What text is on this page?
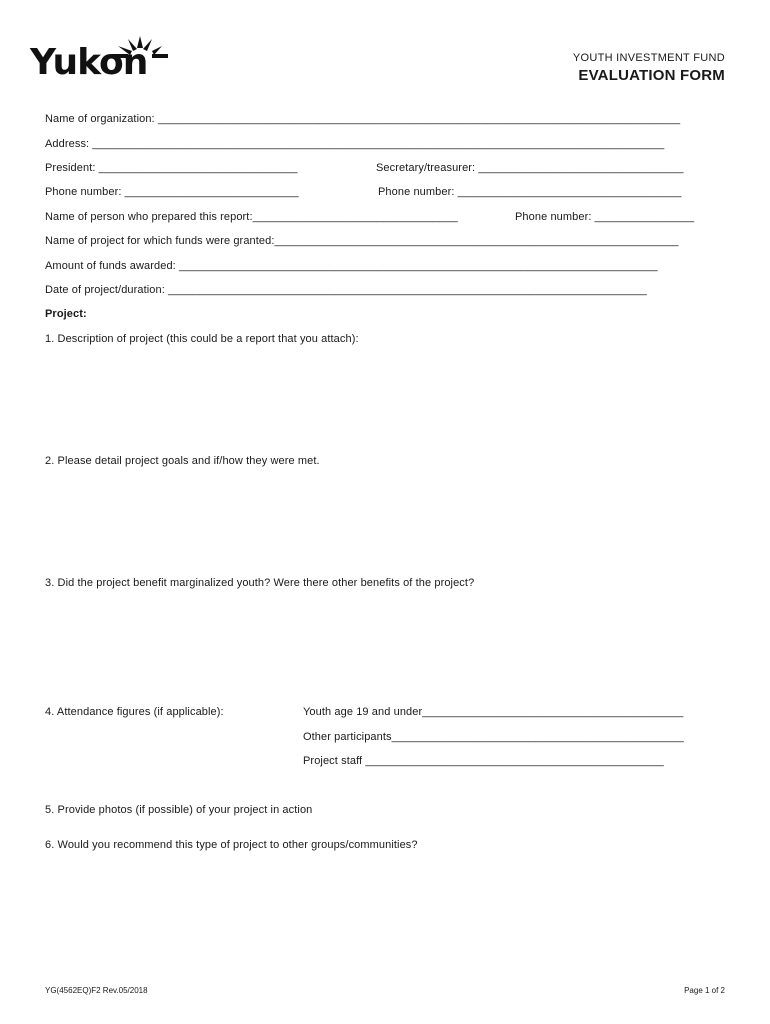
Yukon	YOUTH INVESTMENT FUND
EVALUATION FORM
Name of organization: ____________________________________________________________________________________
Address: ____________________________________________________________________________________________
President: ________________________________	Secretary/treasurer: _________________________________
Phone number: ____________________________	Phone number: ____________________________________
Name of person who prepared this report:_________________________________	Phone number: ________________
Name of project for which funds were granted:_________________________________________________________________
Amount of funds awarded: _____________________________________________________________________________
Date of project/duration: _____________________________________________________________________________
Project:
1. Description of project (this could be a report that you attach):
2. Please detail project goals and if/how they were met.
3. Did the project benefit marginalized youth? Were there other benefits of the project?
4. Attendance figures (if applicable):	Youth age 19 and under__________________________________________
Other participants_______________________________________________
Project staff ________________________________________________
5. Provide photos (if possible) of your project in action
6. Would you recommend this type of project to other groups/communities?
YG(4562EQ)F2 Rev.05/2018	Page 1 of 2
